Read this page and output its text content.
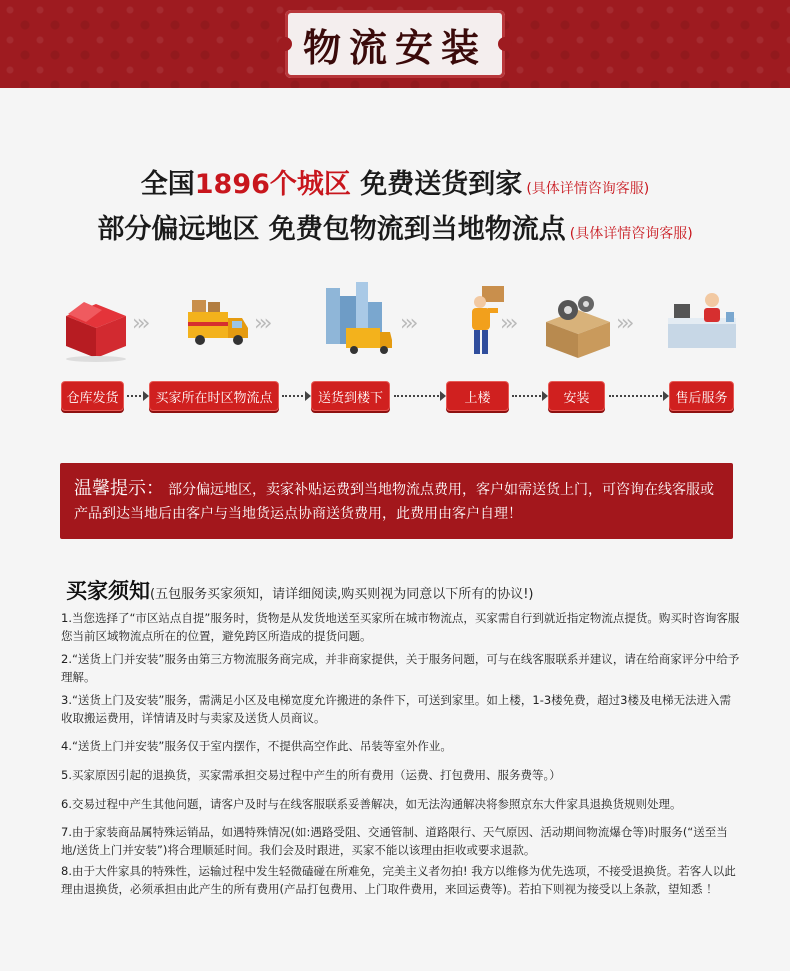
物流安装
全国1896个城区 免费送货到家 (具体详情咨询客服)
部分偏远地区 免费包物流到当地物流点 (具体详情咨询客服)
›››	›››	›››	›››	›››
仓库发货	买家所在时区物流点	送货到楼下	上楼	安装	售后服务
温馨提示： 部分偏远地区，卖家补贴运费到当地物流点费用，客户如需送货上门，可咨询在线客服或产品到达当地后由客户与当地货运点协商送货费用，此费用由客户自理！
买家须知(五包服务买家须知，请详细阅读,购买则视为同意以下所有的协议!)
1.当您选择了“市区站点自提”服务时，货物是从发货地送至买家所在城市物流点，买家需自行到就近指定物流点提货。购买时咨询客服您当前区域物流点所在的位置，避免跨区所造成的提货问题。
2.“送货上门并安装”服务由第三方物流服务商完成，并非商家提供，关于服务问题，可与在线客服联系并建议，请在给商家评分中给予理解。
3.“送货上门及安装”服务，需满足小区及电梯宽度允许搬进的条件下，可送到家里。如上楼，1-3楼免费，超过3楼及电梯无法进入需收取搬运费用，详情请及时与卖家及送货人员商议。
4.“送货上门并安装”服务仅于室内摆作，不提供高空作此、吊装等室外作业。
5.买家原因引起的退换货，买家需承担交易过程中产生的所有费用（运费、打包费用、服务费等。）
6.交易过程中产生其他问题，请客户及时与在线客服联系妥善解决，如无法沟通解决将参照京东大件家具退换货规则处理。
7.由于家装商品属特殊运销品，如遇特殊情况(如:遇路受阻、交通管制、道路限行、天气原因、活动期间物流爆仓等)时服务(“送至当地/送货上门并安装”)将合理顺延时间。我们会及时跟进，买家不能以该理由拒收或要求退款。
8.由于大件家具的特殊性，运输过程中发生轻微磕碰在所难免，完美主义者勿拍! 我方以维修为优先选项，不接受退换货。若客人以此理由退换货，必须承担由此产生的所有费用(产品打包费用、上门取件费用，来回运费等)。若拍下则视为接受以上条款，望知悉 ！
